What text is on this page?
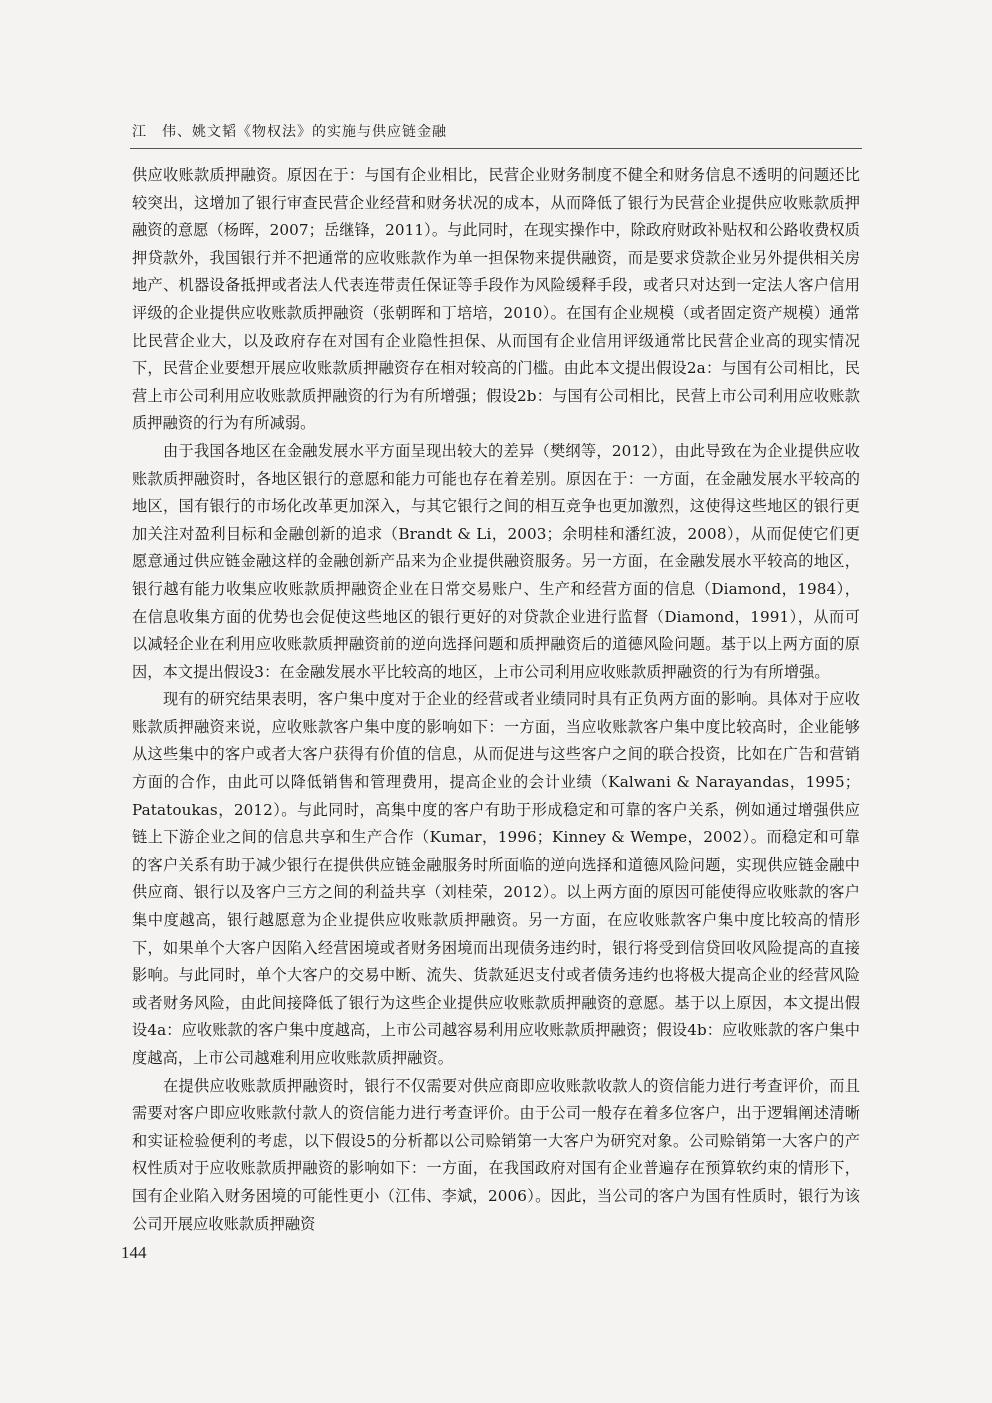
江　伟、姚文韬《物权法》的实施与供应链金融

供应收账款质押融资。原因在于：与国有企业相比，民营企业财务制度不健全和财务信息不透明的问题还比较突出，这增加了银行审查民营企业经营和财务状况的成本，从而降低了银行为民营企业提供应收账款质押融资的意愿（杨晖，2007；岳继锋，2011）。与此同时，在现实操作中，除政府财政补贴权和公路收费权质押贷款外，我国银行并不把通常的应收账款作为单一担保物来提供融资，而是要求贷款企业另外提供相关房地产、机器设备抵押或者法人代表连带责任保证等手段作为风险缓释手段，或者只对达到一定法人客户信用评级的企业提供应收账款质押融资（张朝晖和丁培培，2010）。在国有企业规模（或者固定资产规模）通常比民营企业大，以及政府存在对国有企业隐性担保、从而国有企业信用评级通常比民营企业高的现实情况下，民营企业要想开展应收账款质押融资存在相对较高的门槛。由此本文提出假设2a：与国有公司相比，民营上市公司利用应收账款质押融资的行为有所增强；假设2b：与国有公司相比，民营上市公司利用应收账款质押融资的行为有所减弱。

由于我国各地区在金融发展水平方面呈现出较大的差异（樊纲等，2012），由此导致在为企业提供应收账款质押融资时，各地区银行的意愿和能力可能也存在着差别。原因在于：一方面，在金融发展水平较高的地区，国有银行的市场化改革更加深入，与其它银行之间的相互竞争也更加激烈，这使得这些地区的银行更加关注对盈利目标和金融创新的追求（Brandt & Li，2003；余明桂和潘红波，2008），从而促使它们更愿意通过供应链金融这样的金融创新产品来为企业提供融资服务。另一方面，在金融发展水平较高的地区，银行越有能力收集应收账款质押融资企业在日常交易账户、生产和经营方面的信息（Diamond，1984），在信息收集方面的优势也会促使这些地区的银行更好的对贷款企业进行监督（Diamond，1991），从而可以减轻企业在利用应收账款质押融资前的逆向选择问题和质押融资后的道德风险问题。基于以上两方面的原因，本文提出假设3：在金融发展水平比较高的地区，上市公司利用应收账款质押融资的行为有所增强。

现有的研究结果表明，客户集中度对于企业的经营或者业绩同时具有正负两方面的影响。具体对于应收账款质押融资来说，应收账款客户集中度的影响如下：一方面，当应收账款客户集中度比较高时，企业能够从这些集中的客户或者大客户获得有价值的信息，从而促进与这些客户之间的联合投资，比如在广告和营销方面的合作，由此可以降低销售和管理费用，提高企业的会计业绩（Kalwani & Narayandas，1995；Patatoukas，2012）。与此同时，高集中度的客户有助于形成稳定和可靠的客户关系，例如通过增强供应链上下游企业之间的信息共享和生产合作（Kumar，1996；Kinney & Wempe，2002）。而稳定和可靠的客户关系有助于减少银行在提供供应链金融服务时所面临的逆向选择和道德风险问题，实现供应链金融中供应商、银行以及客户三方之间的利益共享（刘桂荣，2012）。以上两方面的原因可能使得应收账款的客户集中度越高，银行越愿意为企业提供应收账款质押融资。另一方面，在应收账款客户集中度比较高的情形下，如果单个大客户因陷入经营困境或者财务困境而出现债务违约时，银行将受到信贷回收风险提高的直接影响。与此同时，单个大客户的交易中断、流失、货款延迟支付或者债务违约也将极大提高企业的经营风险或者财务风险，由此间接降低了银行为这些企业提供应收账款质押融资的意愿。基于以上原因，本文提出假设4a：应收账款的客户集中度越高，上市公司越容易利用应收账款质押融资；假设4b：应收账款的客户集中度越高，上市公司越难利用应收账款质押融资。

在提供应收账款质押融资时，银行不仅需要对供应商即应收账款收款人的资信能力进行考查评价，而且需要对客户即应收账款付款人的资信能力进行考查评价。由于公司一般存在着多位客户，出于逻辑阐述清晰和实证检验便利的考虑，以下假设5的分析都以公司赊销第一大客户为研究对象。公司赊销第一大客户的产权性质对于应收账款质押融资的影响如下：一方面，在我国政府对国有企业普遍存在预算软约束的情形下，国有企业陷入财务困境的可能性更小（江伟、李斌，2006）。因此，当公司的客户为国有性质时，银行为该公司开展应收账款质押融资

144
